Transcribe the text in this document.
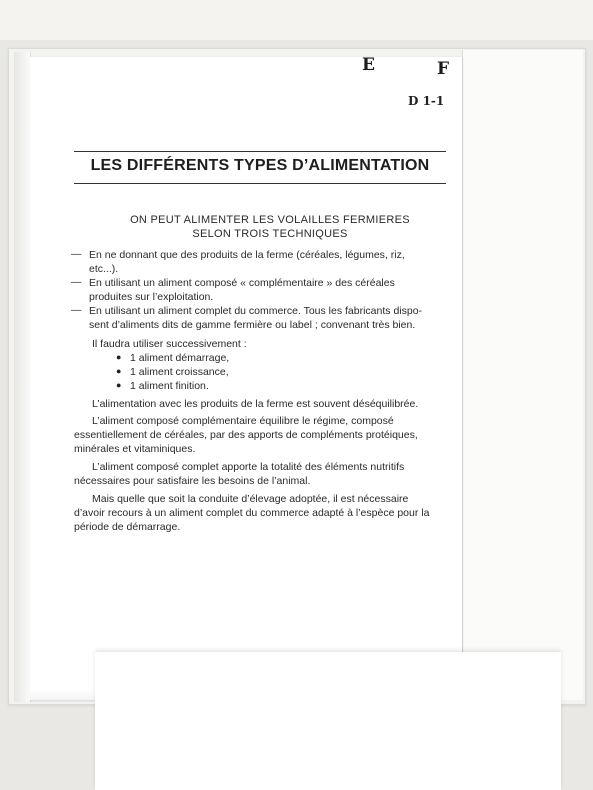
E	F
D 1-1
LES DIFFÉRENTS TYPES D’ALIMENTATION
ON PEUT ALIMENTER LES VOLAILLES FERMIERES
SELON TROIS TECHNIQUES
— En ne donnant que des produits de la ferme (céréales, légumes, riz,
etc...).
— En utilisant un aliment composé « complémentaire » des céréales
produites sur l’exploitation.
— En utilisant un aliment complet du commerce. Tous les fabricants dispo-
sent d’aliments dits de gamme fermière ou label ; convenant très bien.
Il faudra utiliser successivement :
● 1 aliment démarrage,
● 1 aliment croissance,
● 1 aliment finition.
L’alimentation avec les produits de la ferme est souvent déséquilibrée.
L’aliment composé complémentaire équilibre le régime, composé
essentiellement de céréales, par des apports de compléments protéiques,
minérales et vitaminiques.
L’aliment composé complet apporte la totalité des éléments nutritifs
nécessaires pour satisfaire les besoins de l’animal.
Mais quelle que soit la conduite d’élevage adoptée, il est nécessaire
d’avoir recours à un aliment complet du commerce adapté à l’espèce pour la
période de démarrage.
